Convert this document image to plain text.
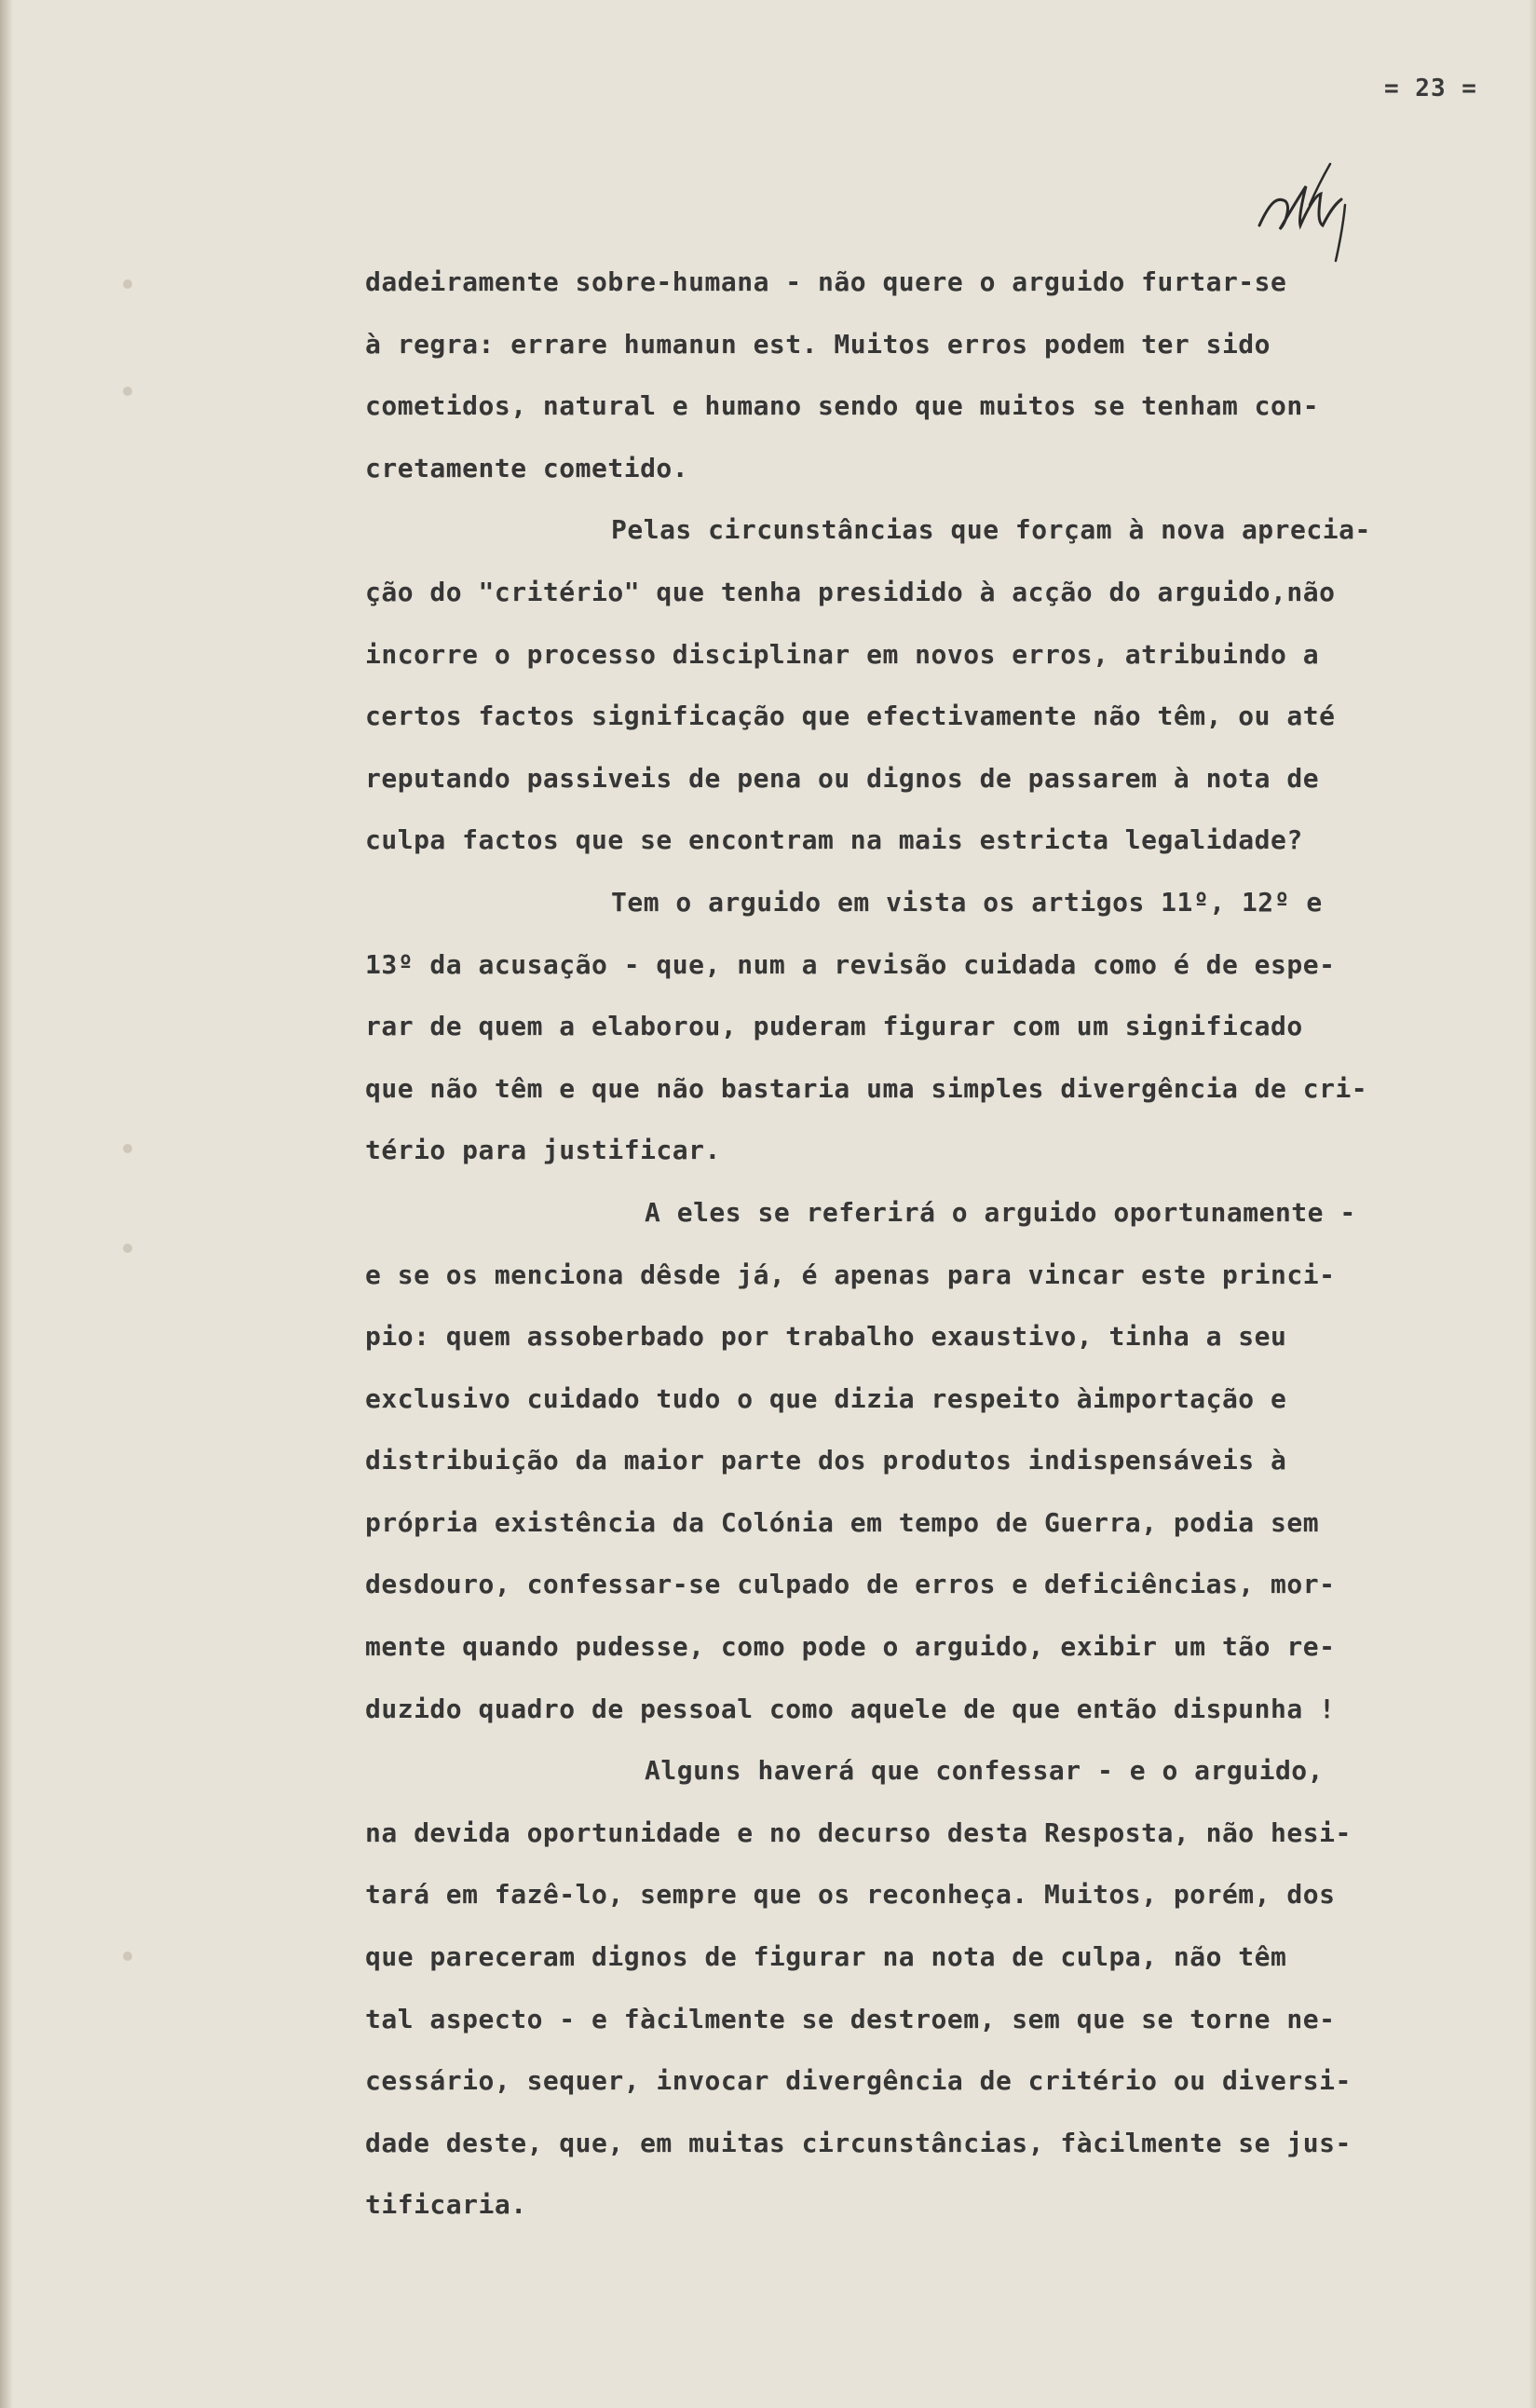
= 23 =
dadeiramente sobre-humana - não quere o arguido furtar-se
à regra: errare humanun est. Muitos erros podem ter sido
cometidos, natural e humano sendo que muitos se tenham con-
cretamente cometido.
Pelas circunstâncias que forçam à nova aprecia-
ção do "critério" que tenha presidido à acção do arguido,não
incorre o processo disciplinar em novos erros, atribuindo a
certos factos significação que efectivamente não têm, ou até
reputando passiveis de pena ou dignos de passarem à nota de
culpa factos que se encontram na mais estricta legalidade?
Tem o arguido em vista os artigos 11º, 12º e
13º da acusação - que, num a revisão cuidada como é de espe-
rar de quem a elaborou, puderam figurar com um significado
que não têm e que não bastaria uma simples divergência de cri-
tério para justificar.
A eles se referirá o arguido oportunamente -
e se os menciona dêsde já, é apenas para vincar este princi-
pio: quem assoberbado por trabalho exaustivo, tinha a seu
exclusivo cuidado tudo o que dizia respeito àimportação e
distribuição da maior parte dos produtos indispensáveis à
própria existência da Colónia em tempo de Guerra, podia sem
desdouro, confessar-se culpado de erros e deficiências, mor-
mente quando pudesse, como pode o arguido, exibir um tão re-
duzido quadro de pessoal como aquele de que então dispunha !
Alguns haverá que confessar - e o arguido,
na devida oportunidade e no decurso desta Resposta, não hesi-
tará em fazê-lo, sempre que os reconheça. Muitos, porém, dos
que pareceram dignos de figurar na nota de culpa, não têm
tal aspecto - e fàcilmente se destroem, sem que se torne ne-
cessário, sequer, invocar divergência de critério ou diversi-
dade deste, que, em muitas circunstâncias, fàcilmente se jus-
tificaria.
